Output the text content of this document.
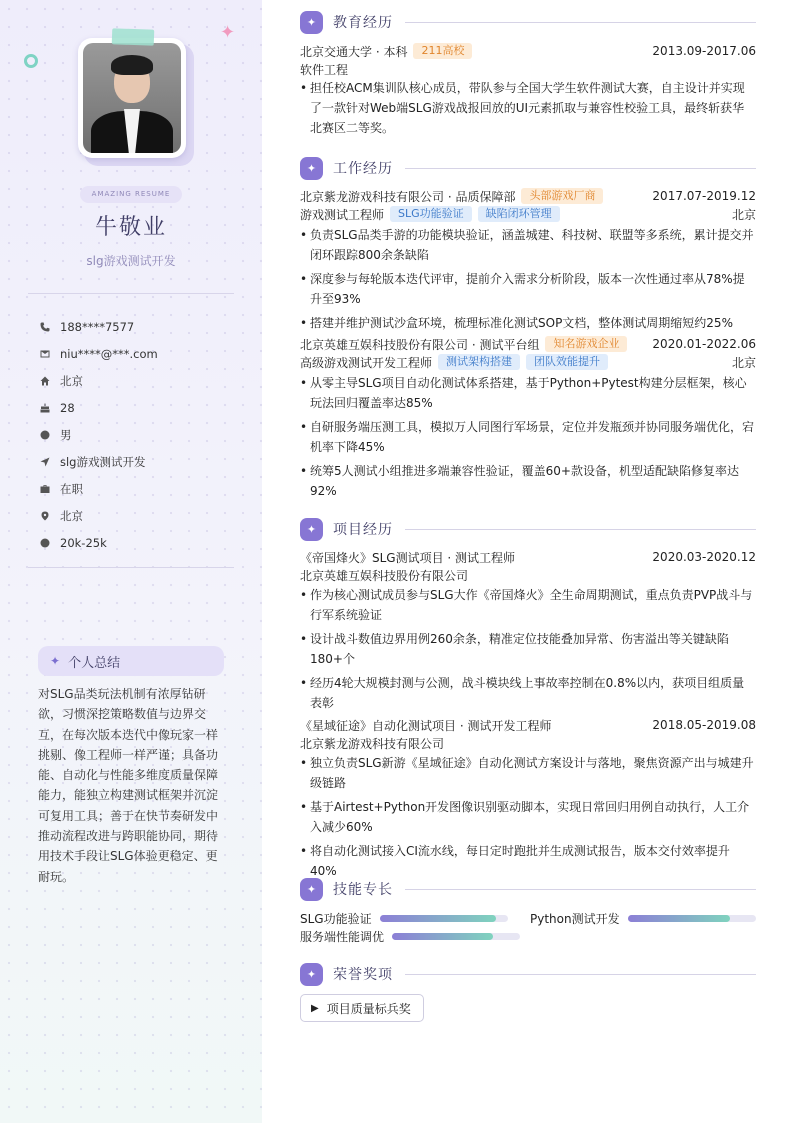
✦
AMAZING RESUME
牛敬业
slg游戏测试开发
188****7577
niu****@***.com
北京
28
男
slg游戏测试开发
在职
北京
20k-25k
✦ 个人总结
对SLG品类玩法机制有浓厚钻研欲，习惯深挖策略数值与边界交互，在每次版本迭代中像玩家一样挑剔、像工程师一样严谨；具备功能、自动化与性能多维度质量保障能力，能独立构建测试框架并沉淀可复用工具；善于在快节奏研发中推动流程改进与跨职能协同，期待用技术手段让SLG体验更稳定、更耐玩。
✦	教育经历
北京交通大学 · 本科	211高校	2013.09-2017.06
软件工程
• 担任校ACM集训队核心成员，带队参与全国大学生软件测试大赛，自主设计并实现了一款针对Web端SLG游戏战报回放的UI元素抓取与兼容性校验工具，最终斩获华北赛区二等奖。
✦	工作经历
北京紫龙游戏科技有限公司 · 品质保障部	头部游戏厂商	2017.07-2019.12
游戏测试工程师	SLG功能验证	缺陷闭环管理	北京
• 负责SLG品类手游的功能模块验证，涵盖城建、科技树、联盟等多系统，累计提交并闭环跟踪800余条缺陷
• 深度参与每轮版本迭代评审，提前介入需求分析阶段，版本一次性通过率从78%提升至93%
• 搭建并维护测试沙盒环境，梳理标准化测试SOP文档，整体测试周期缩短约25%
北京英雄互娱科技股份有限公司 · 测试平台组	知名游戏企业	2020.01-2022.06
高级游戏测试开发工程师	测试架构搭建	团队效能提升	北京
• 从零主导SLG项目自动化测试体系搭建，基于Python+Pytest构建分层框架，核心玩法回归覆盖率达85%
• 自研服务端压测工具，模拟万人同图行军场景，定位并发瓶颈并协同服务端优化，宕机率下降45%
• 统筹5人测试小组推进多端兼容性验证，覆盖60+款设备，机型适配缺陷修复率达92%
✦	项目经历
《帝国烽火》SLG测试项目 · 测试工程师	2020.03-2020.12
北京英雄互娱科技股份有限公司
• 作为核心测试成员参与SLG大作《帝国烽火》全生命周期测试，重点负责PVP战斗与行军系统验证
• 设计战斗数值边界用例260余条，精准定位技能叠加异常、伤害溢出等关键缺陷180+个
• 经历4轮大规模封测与公测，战斗模块线上事故率控制在0.8%以内，获项目组质量表彰
《星域征途》自动化测试项目 · 测试开发工程师	2018.05-2019.08
北京紫龙游戏科技有限公司
• 独立负责SLG新游《星域征途》自动化测试方案设计与落地，聚焦资源产出与城建升级链路
• 基于Airtest+Python开发图像识别驱动脚本，实现日常回归用例自动执行，人工介入减少60%
• 将自动化测试接入CI流水线，每日定时跑批并生成测试报告，版本交付效率提升40%
✦	技能专长
SLG功能验证	Python测试开发
服务端性能调优
✦	荣誉奖项
▶ 项目质量标兵奖
